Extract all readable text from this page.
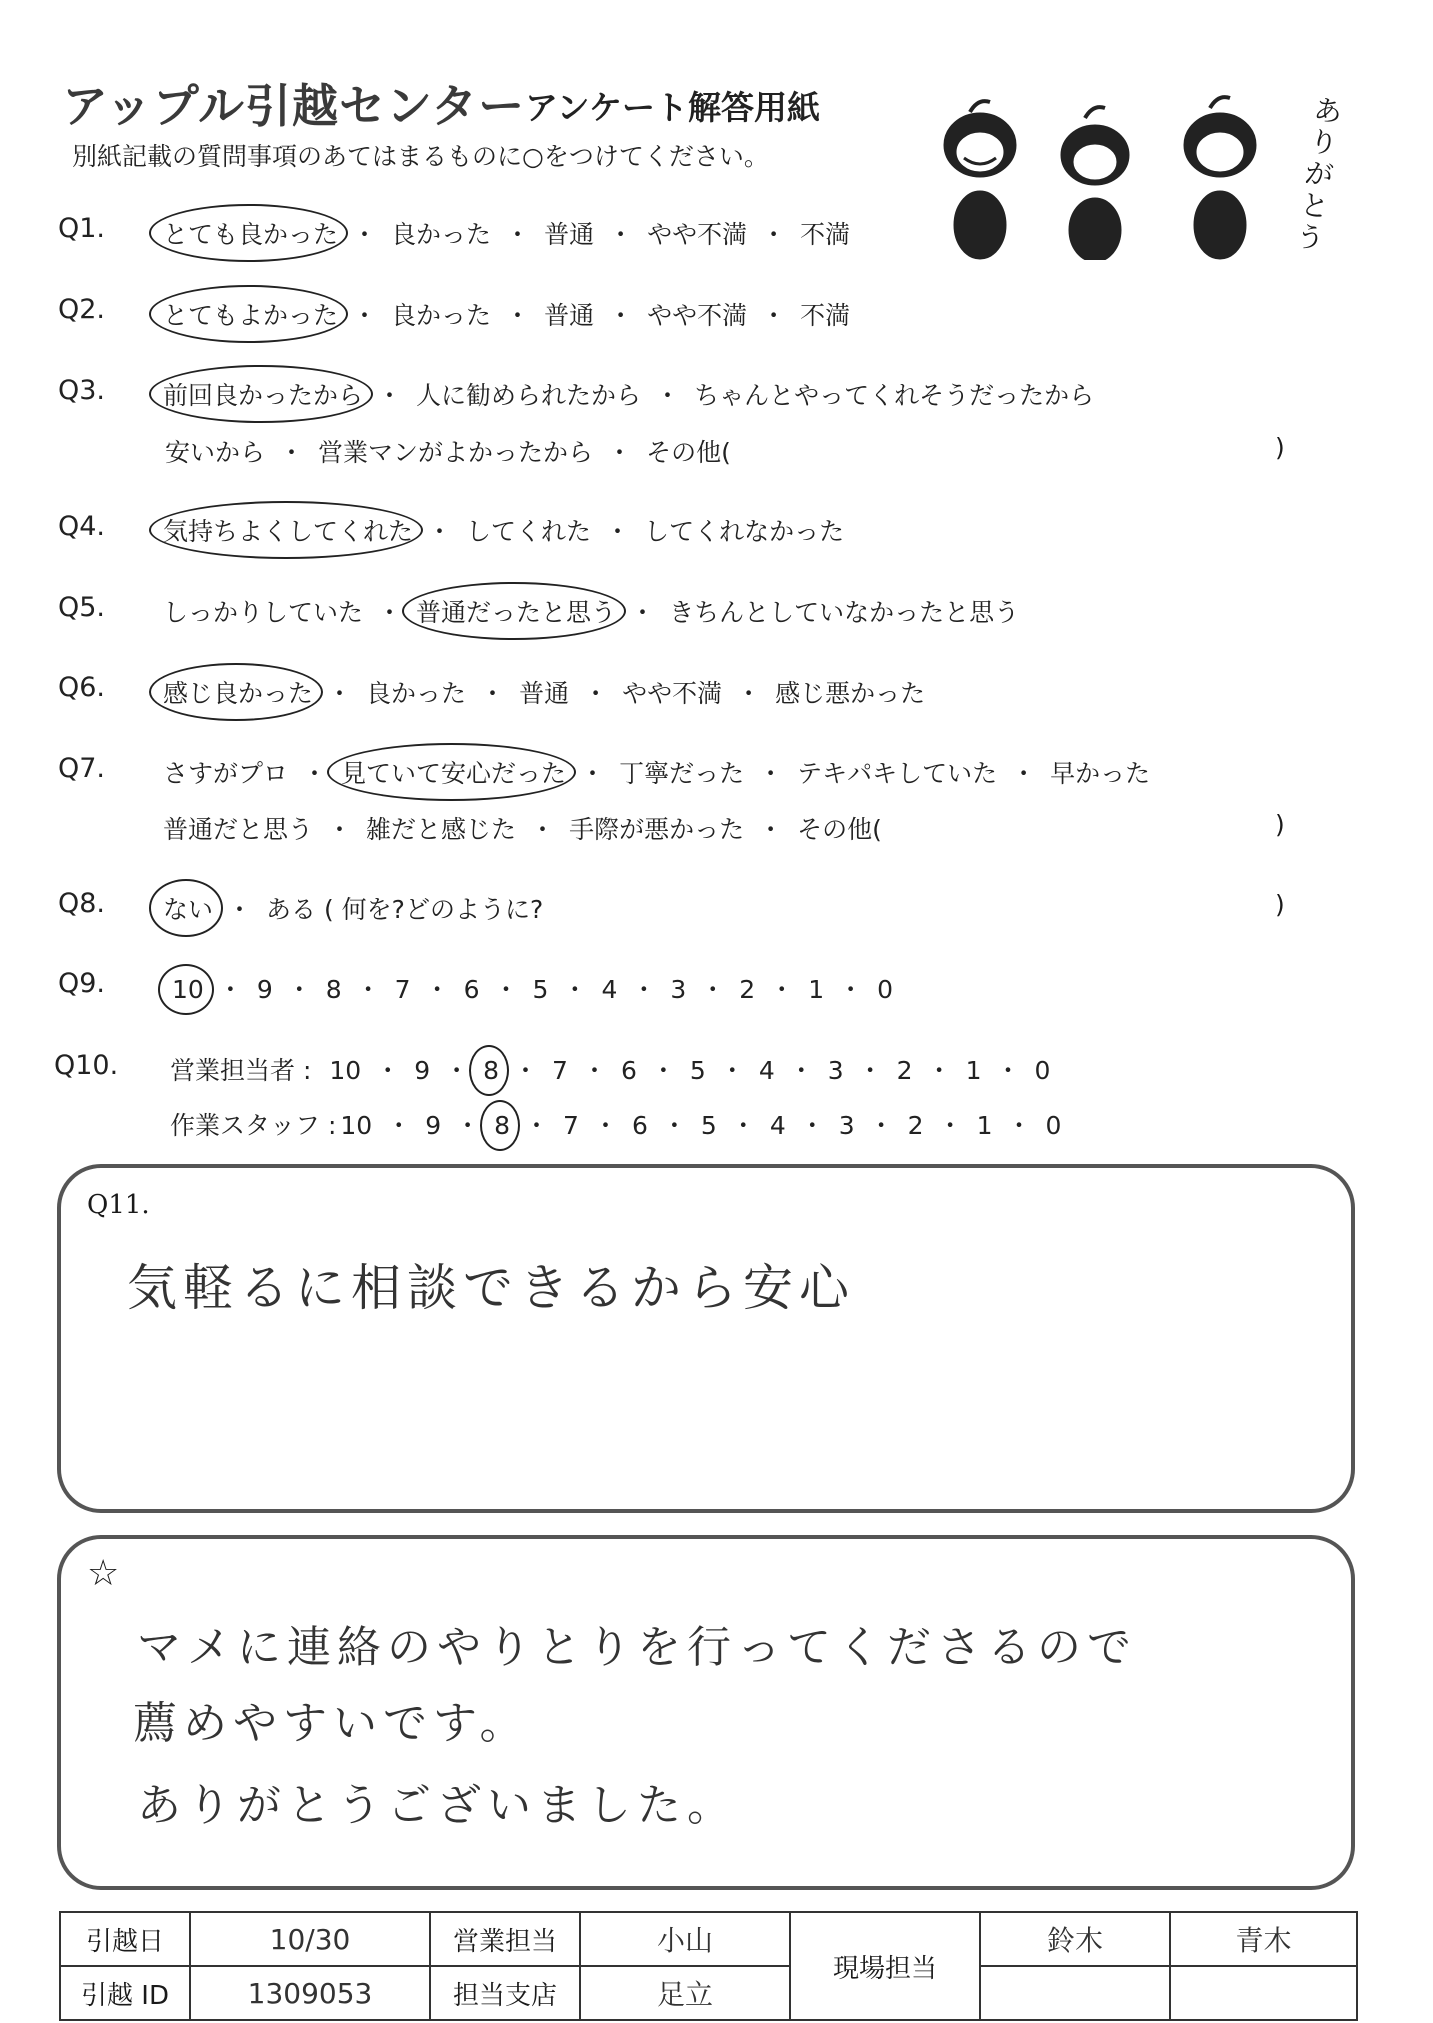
アップル引越センター アンケート解答用紙
別紙記載の質問事項のあてはまるものに○をつけてください。
ありがとう
Q1. とても良かった ・ 良かった ・ 普通 ・ やや不満 ・ 不満
Q2. とてもよかった ・ 良かった ・ 普通 ・ やや不満 ・ 不満
Q3. 前回良かったから ・ 人に勧められたから ・ ちゃんとやってくれそうだったから
安いから ・ 営業マンがよかったから ・ その他(	)
Q4. 気持ちよくしてくれた ・ してくれた ・ してくれなかった
Q5. しっかりしていた ・ 普通だったと思う ・ きちんとしていなかったと思う
Q6. 感じ良かった ・ 良かった ・ 普通 ・ やや不満 ・ 感じ悪かった
Q7. さすがプロ ・ 見ていて安心だった ・ 丁寧だった ・ テキパキしていた ・ 早かった
普通だと思う ・ 雑だと感じた ・ 手際が悪かった ・ その他(	)
Q8. ない ・ ある ( 何を?どのように?	)
Q9.	10 ・ 9 ・ 8 ・ 7 ・ 6 ・ 5 ・ 4 ・ 3 ・ 2 ・ 1 ・ 0
Q10. 営業担当者 : 10 ・ 9 ・ 8 ・ 7 ・ 6 ・ 5 ・ 4 ・ 3 ・ 2 ・ 1 ・ 0
作業スタッフ : 10 ・ 9 ・ 8 ・ 7 ・ 6 ・ 5 ・ 4 ・ 3 ・ 2 ・ 1 ・ 0
Q11.
気軽るに相談できるから安心
☆
マメに連絡のやりとりを行ってくださるので
薦めやすいです。
ありがとうございました。
引越日	10/30	営業担当	小山	現場担当	鈴木	青木
引越 ID	1309053	担当支店	足立			
